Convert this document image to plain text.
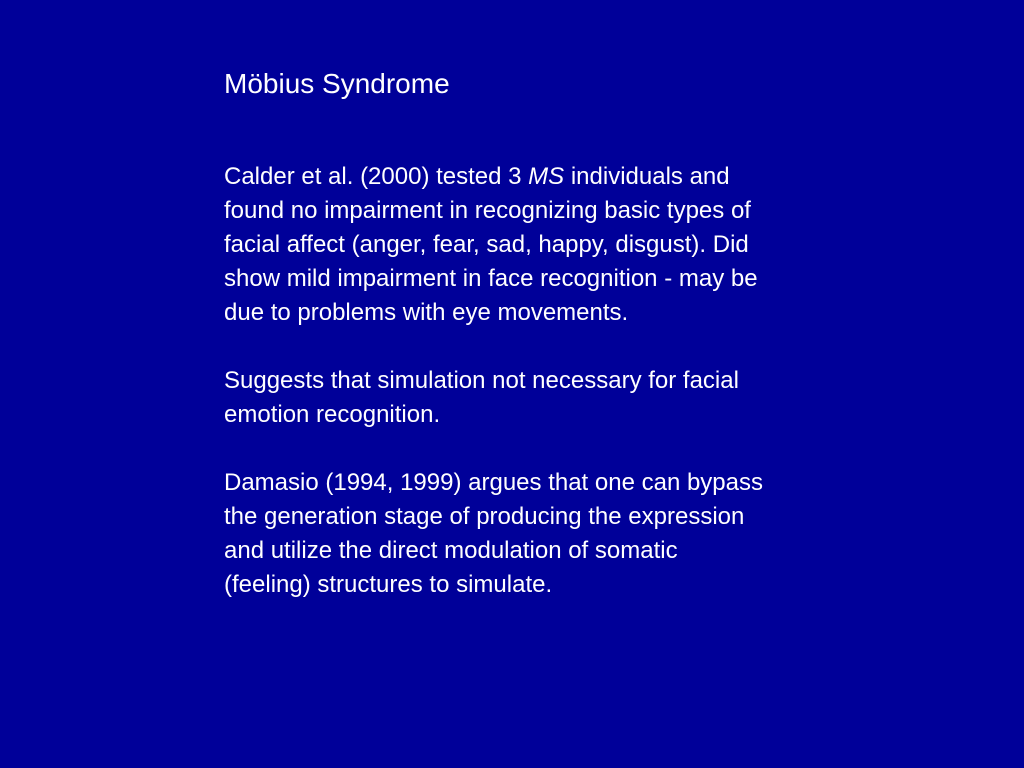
Möbius Syndrome

Calder et al. (2000) tested 3 MS individuals and
found no impairment in recognizing basic types of
facial affect (anger, fear, sad, happy, disgust). Did
show mild impairment in face recognition - may be
due to problems with eye movements.

Suggests that simulation not necessary for facial
emotion recognition.

Damasio (1994, 1999) argues that one can bypass
the generation stage of producing the expression
and utilize the direct modulation of somatic
(feeling) structures to simulate.
